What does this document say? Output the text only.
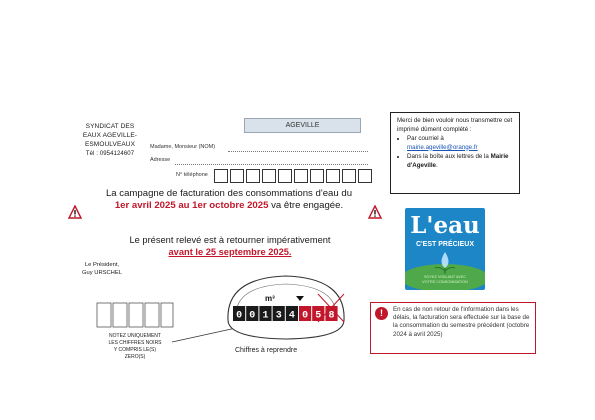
SYNDICAT DES
EAUX AGEVILLE-
ESMOULVEAUX
Tél : 0954124607
AGEVILLE
Madame, Monsieur (NOM)
Adresse
N° téléphone
Merci de bien vouloir nous transmettre cet imprimé dûment complété :
• Par courriel à
mairie.ageville@orange.fr
• Dans la boîte aux lettres de la Mairie d'Ageville.
La campagne de facturation des consommations d'eau du
1er avril 2025 au 1er octobre 2025 va être engagée.
Le présent relevé est à retourner impérativement
avant le 25 septembre 2025.
Le Président,
Guy URSCHEL
NOTEZ UNIQUEMENT
LES CHIFFRES NOIRS
Y COMPRIS LE(S)
ZERO(S)
m³
0 0 1 3 4 0 5 8
Chiffres à reprendre
L'eau
C'EST PRÉCIEUX
SOYEZ VIGILANT AVEC
VOTRE CONSOMMATION
!	En cas de non retour de l'information dans les délais, la facturation sera effectuée sur la base de la consommation du semestre précédent (octobre 2024 à avril 2025)
